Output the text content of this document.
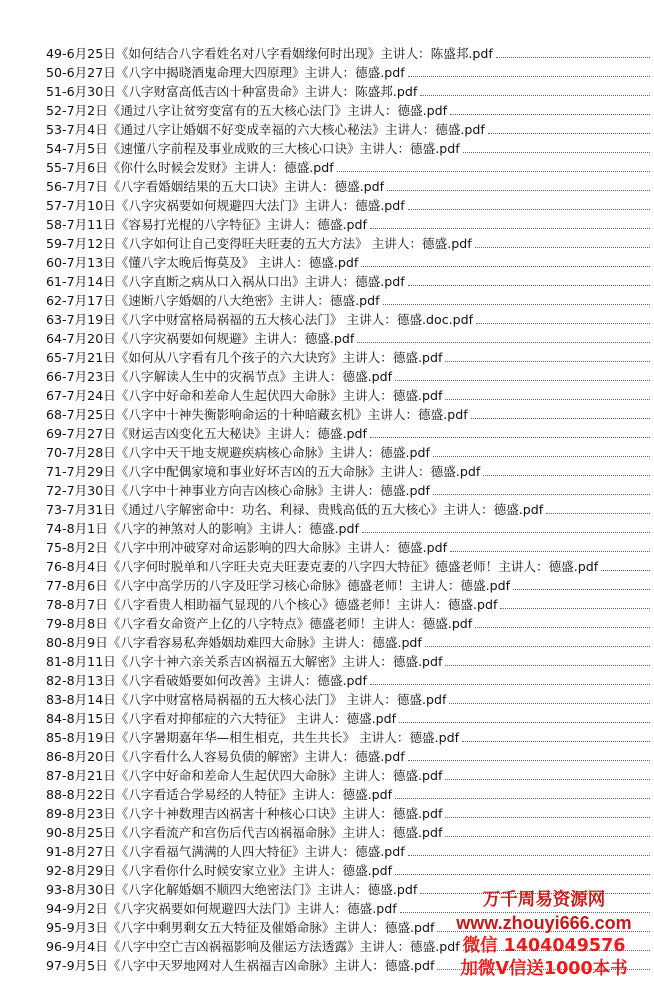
49-6月25日《如何结合八字看姓名对八字看姻缘何时出现》主讲人：陈盛邦.pdf
50-6月27日《八字中揭晓酒鬼命理大四原理》主讲人：德盛.pdf
51-6月30日《八字财富高低吉凶十种富贵命》主讲人：陈盛邦.pdf
52-7月2日《通过八字让贫穷变富有的五大核心法门》主讲人：德盛.pdf
53-7月4日《通过八字让婚姻不好变成幸福的六大核心秘法》主讲人：德盛.pdf
54-7月5日《速懂八字前程及事业成败的三大核心口诀》主讲人：德盛.pdf
55-7月6日《你什么时候会发财》主讲人：德盛.pdf
56-7月7日《八字看婚姻结果的五大口诀》主讲人：德盛.pdf
57-7月10日《八字灾祸要如何规避四大法门》主讲人：德盛.pdf
58-7月11日《容易打光棍的八字特征》主讲人：德盛.pdf
59-7月12日《八字如何让自己变得旺夫旺妻的五大方法》 主讲人：德盛.pdf
60-7月13日《懂八字太晚后悔莫及》 主讲人：德盛.pdf
61-7月14日《八字直断之病从口入祸从口出》主讲人：德盛.pdf
62-7月17日《速断八字婚姻的八大绝密》主讲人：德盛.pdf
63-7月19日《八字中财富格局祸福的五大核心法门》 主讲人：德盛.doc.pdf
64-7月20日《八字灾祸要如何规避》主讲人：德盛.pdf
65-7月21日《如何从八字看有几个孩子的六大诀窍》主讲人：德盛.pdf
66-7月23日《八字解读人生中的灾祸节点》主讲人：德盛.pdf
67-7月24日《八字中好命和差命人生起伏四大命脉》主讲人：德盛.pdf
68-7月25日《八字中十神失衡影响命运的十种暗藏玄机》主讲人：德盛.pdf
69-7月27日《财运吉凶变化五大秘诀》主讲人：德盛.pdf
70-7月28日《八字中天干地支规避疾病核心命脉》主讲人：德盛.pdf
71-7月29日《八字中配偶家境和事业好坏吉凶的五大命脉》主讲人：德盛.pdf
72-7月30日《八字中十神事业方向吉凶核心命脉》主讲人：德盛.pdf
73-7月31日《通过八字解密命中：功名、利禄、贵贱高低的五大核心》主讲人：德盛.pdf
74-8月1日《八字的神煞对人的影响》主讲人：德盛.pdf
75-8月2日《八字中刑冲破穿对命运影响的四大命脉》主讲人：德盛.pdf
76-8月4日《八字何时脱单和八字旺夫克夫旺妻克妻的八字四大特征》德盛老师！主讲人：德盛.pdf
77-8月6日《八字中高学历的八字及旺学习核心命脉》德盛老师！主讲人：德盛.pdf
78-8月7日《八字看贵人相助福气显现的八个核心》德盛老师！主讲人：德盛.pdf
79-8月8日《八字看女命资产上亿的八字特点》德盛老师！主讲人：德盛.pdf
80-8月9日《八字看容易私奔婚姻劫难四大命脉》主讲人：德盛.pdf
81-8月11日《八字十神六亲关系吉凶祸福五大解密》主讲人：德盛.pdf
82-8月13日《八字看破婚要如何改善》主讲人：德盛.pdf
83-8月14日《八字中财富格局祸福的五大核心法门》 主讲人：德盛.pdf
84-8月15日《八字看对抑郁症的六大特征》 主讲人：德盛.pdf
85-8月19日《八字暑期嘉年华—相生相克，共生共长》 主讲人：德盛.pdf
86-8月20日《八字看什么人容易负债的解密》主讲人：德盛.pdf
87-8月21日《八字中好命和差命人生起伏四大命脉》主讲人：德盛.pdf
88-8月22日《八字看适合学易经的人特征》主讲人：德盛.pdf
89-8月23日《八字十神数理吉凶祸害十种核心口诀》主讲人：德盛.pdf
90-8月25日《八字看流产和宫伤后代吉凶祸福命脉》主讲人：德盛.pdf
91-8月27日《八字看福气满满的人四大特征》主讲人：德盛.pdf
92-8月29日《八字看你什么时候安家立业》主讲人：德盛.pdf
93-8月30日《八字化解婚姻不顺四大绝密法门》主讲人：德盛.pdf
94-9月2日《八字灾祸要如何规避四大法门》主讲人：德盛.pdf
95-9月3日《八字中剩男剩女五大特征及催婚命脉》主讲人：德盛.pdf
96-9月4日《八字中空亡吉凶祸福影响及催运方法透露》主讲人：德盛.pdf
97-9月5日《八字中天罗地网对人生祸福吉凶命脉》主讲人：德盛.pdf
万千周易资源网
www.zhouyi666.com
微信 1404049576
加微V信送1000本书
